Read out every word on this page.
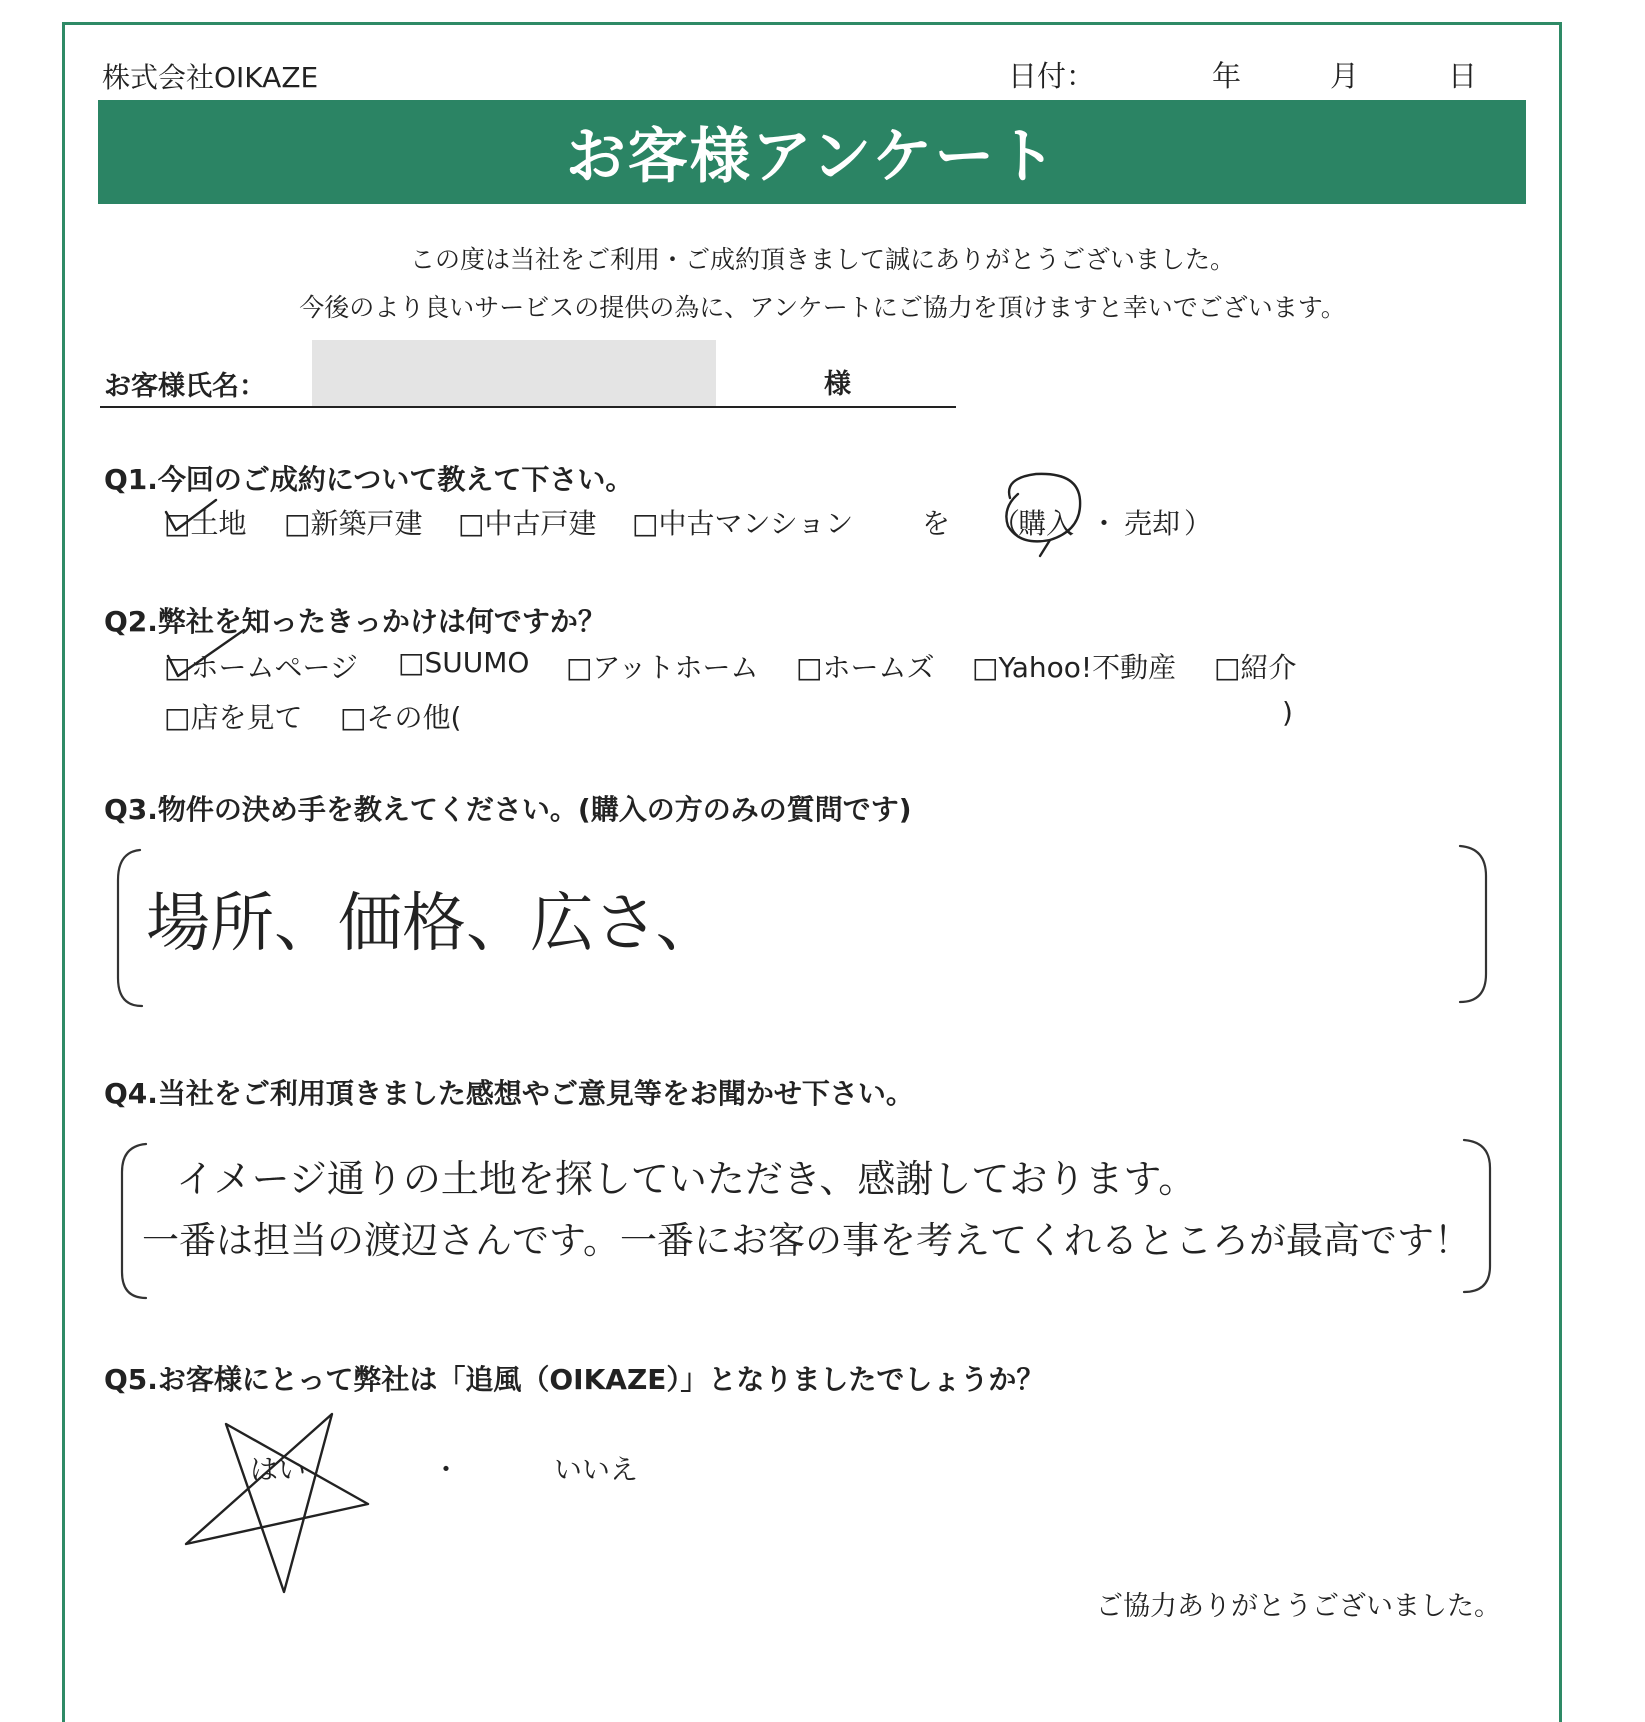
株式会社OIKAZE	日付：	年	月	日
お客様アンケート
この度は当社をご利用・ご成約頂きまして誠にありがとうございました。
今後のより良いサービスの提供の為に、アンケートにご協力を頂けますと幸いでございます。
お客様氏名：	様
Q1.今回のご成約について教えて下さい。
□土地 □新築戸建 □中古戸建 □中古マンション を （
購入 ・ 売却 ）
Q2.弊社を知ったきっかけは何ですか？
□ホームページ □SUUMO □アットホーム □ホームズ □Yahoo!不動産 □紹介
□店を見て □その他(	)
Q3.物件の決め手を教えてください。(購入の方のみの質問です)
場所、価格、広さ、
Q4.当社をご利用頂きました感想やご意見等をお聞かせ下さい。
イメージ通りの土地を探していただき、感謝しております。
一番は担当の渡辺さんです。一番にお客の事を考えてくれるところが最高です！
Q5.お客様にとって弊社は「追風（OIKAZE）」となりましたでしょうか？
はい	・	いいえ
ご協力ありがとうございました。
